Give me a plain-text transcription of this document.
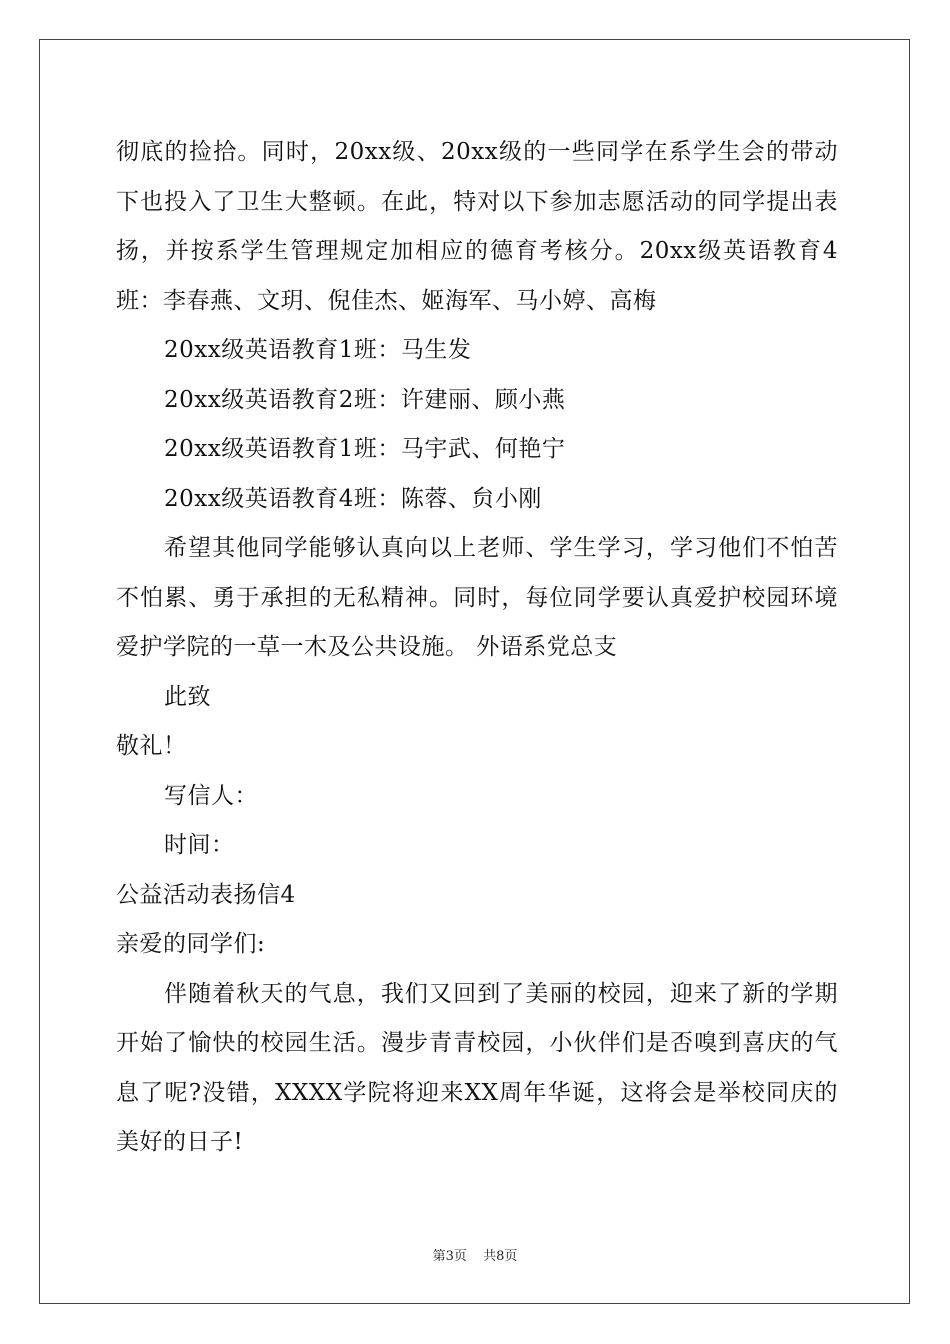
彻底的捡拾。同时，20xx级、20xx级的一些同学在系学生会的带动
下也投入了卫生大整顿。在此，特对以下参加志愿活动的同学提出表
扬，并按系学生管理规定加相应的德育考核分。20xx级英语教育4
班：李春燕、文玥、倪佳杰、姬海军、马小婷、高梅
20xx级英语教育1班：马生发
20xx级英语教育2班：许建丽、顾小燕
20xx级英语教育1班：马宇武、何艳宁
20xx级英语教育4班：陈蓉、贠小刚
希望其他同学能够认真向以上老师、学生学习，学习他们不怕苦
不怕累、勇于承担的无私精神。同时，每位同学要认真爱护校园环境
爱护学院的一草一木及公共设施。 外语系党总支
此致
敬礼！
写信人：
时间：
公益活动表扬信4
亲爱的同学们:
伴随着秋天的气息，我们又回到了美丽的校园，迎来了新的学期
开始了愉快的校园生活。漫步青青校园，小伙伴们是否嗅到喜庆的气
息了呢?没错，XXXX学院将迎来XX周年华诞，这将会是举校同庆的
美好的日子!
第3页 共8页
